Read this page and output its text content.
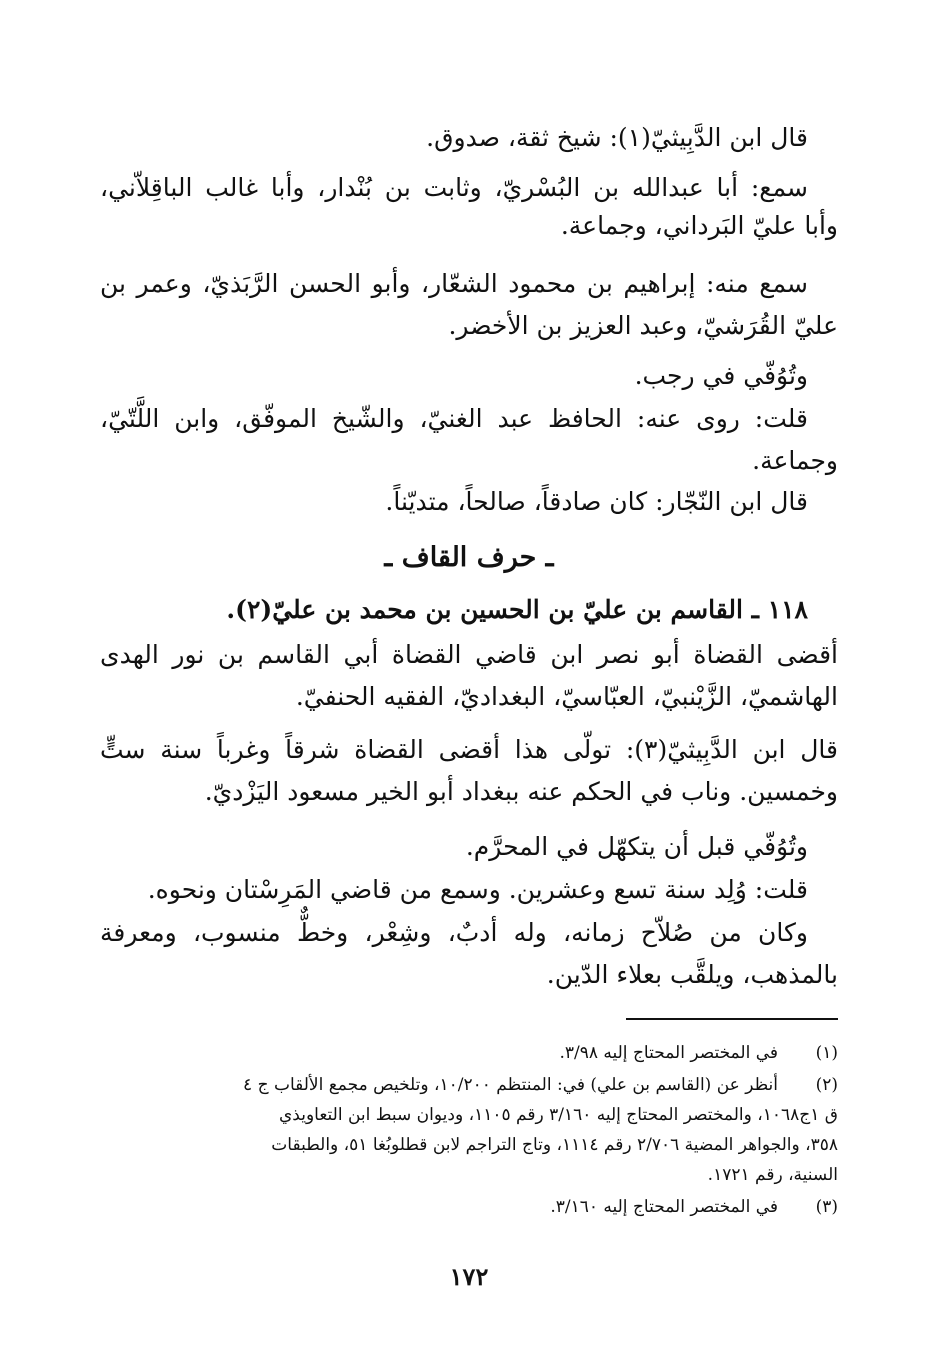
قال ابن الدَّبِيثيّ(١): شيخ ثقة، صدوق.
سمع: أبا عبدالله بن البُسْريّ، وثابت بن بُنْدار، وأبا غالب الباقِلاّني،
وأبا عليّ البَرداني، وجماعة.
سمع منه: إبراهيم بن محمود الشعّار، وأبو الحسن الرَّبَذيّ، وعمر بن
عليّ القُرَشيّ، وعبد العزيز بن الأخضر.
وتُوُفّي في رجب.
قلت: روى عنه: الحافظ عبد الغنيّ، والشّيخ الموفّق، وابن اللَّتّيّ،
وجماعة.
قال ابن النّجّار: كان صادقاً، صالحاً، متديّناً.
ـ حرف القاف ـ
١١٨ ـ القاسم بن عليّ بن الحسين بن محمد بن عليّ(٢).
أقضى القضاة أبو نصر ابن قاضي القضاة أبي القاسم بن نور الهدى
الهاشميّ، الزَّيْنبيّ، العبّاسيّ، البغداديّ، الفقيه الحنفيّ.
قال ابن الدَّبِيثيّ(٣): تولّى هذا أقضى القضاة شرقاً وغرباً سنة ستٍّ
وخمسين. وناب في الحكم عنه ببغداد أبو الخير مسعود اليَزْديّ.
وتُوُفّي قبل أن يتكهّل في المحرَّم.
قلت: وُلِد سنة تسع وعشرين. وسمع من قاضي المَرِسْتان ونحوه.
وكان من صُلاّح زمانه، وله أدبٌ، وشِعْر، وخطٌّ منسوب، ومعرفة
بالمذهب، ويلقَّب بعلاء الدّين.
(١)
في المختصر المحتاج إليه ٣/٩٨.
(٢)
أنظر عن (القاسم بن علي) في: المنتظم ١٠/٢٠٠، وتلخيص مجمع الألقاب ج ٤
ق ١ج١٠٦٨، والمختصر المحتاج إليه ٣/١٦٠ رقم ١١٠٥، وديوان سبط ابن التعاويذي
٣٥٨، والجواهر المضية ٢/٧٠٦ رقم ١١١٤، وتاج التراجم لابن قطلوبُغا ٥١، والطبقات
السنية، رقم ١٧٢١.
(٣)
في المختصر المحتاج إليه ٣/١٦٠.
١٧٢
